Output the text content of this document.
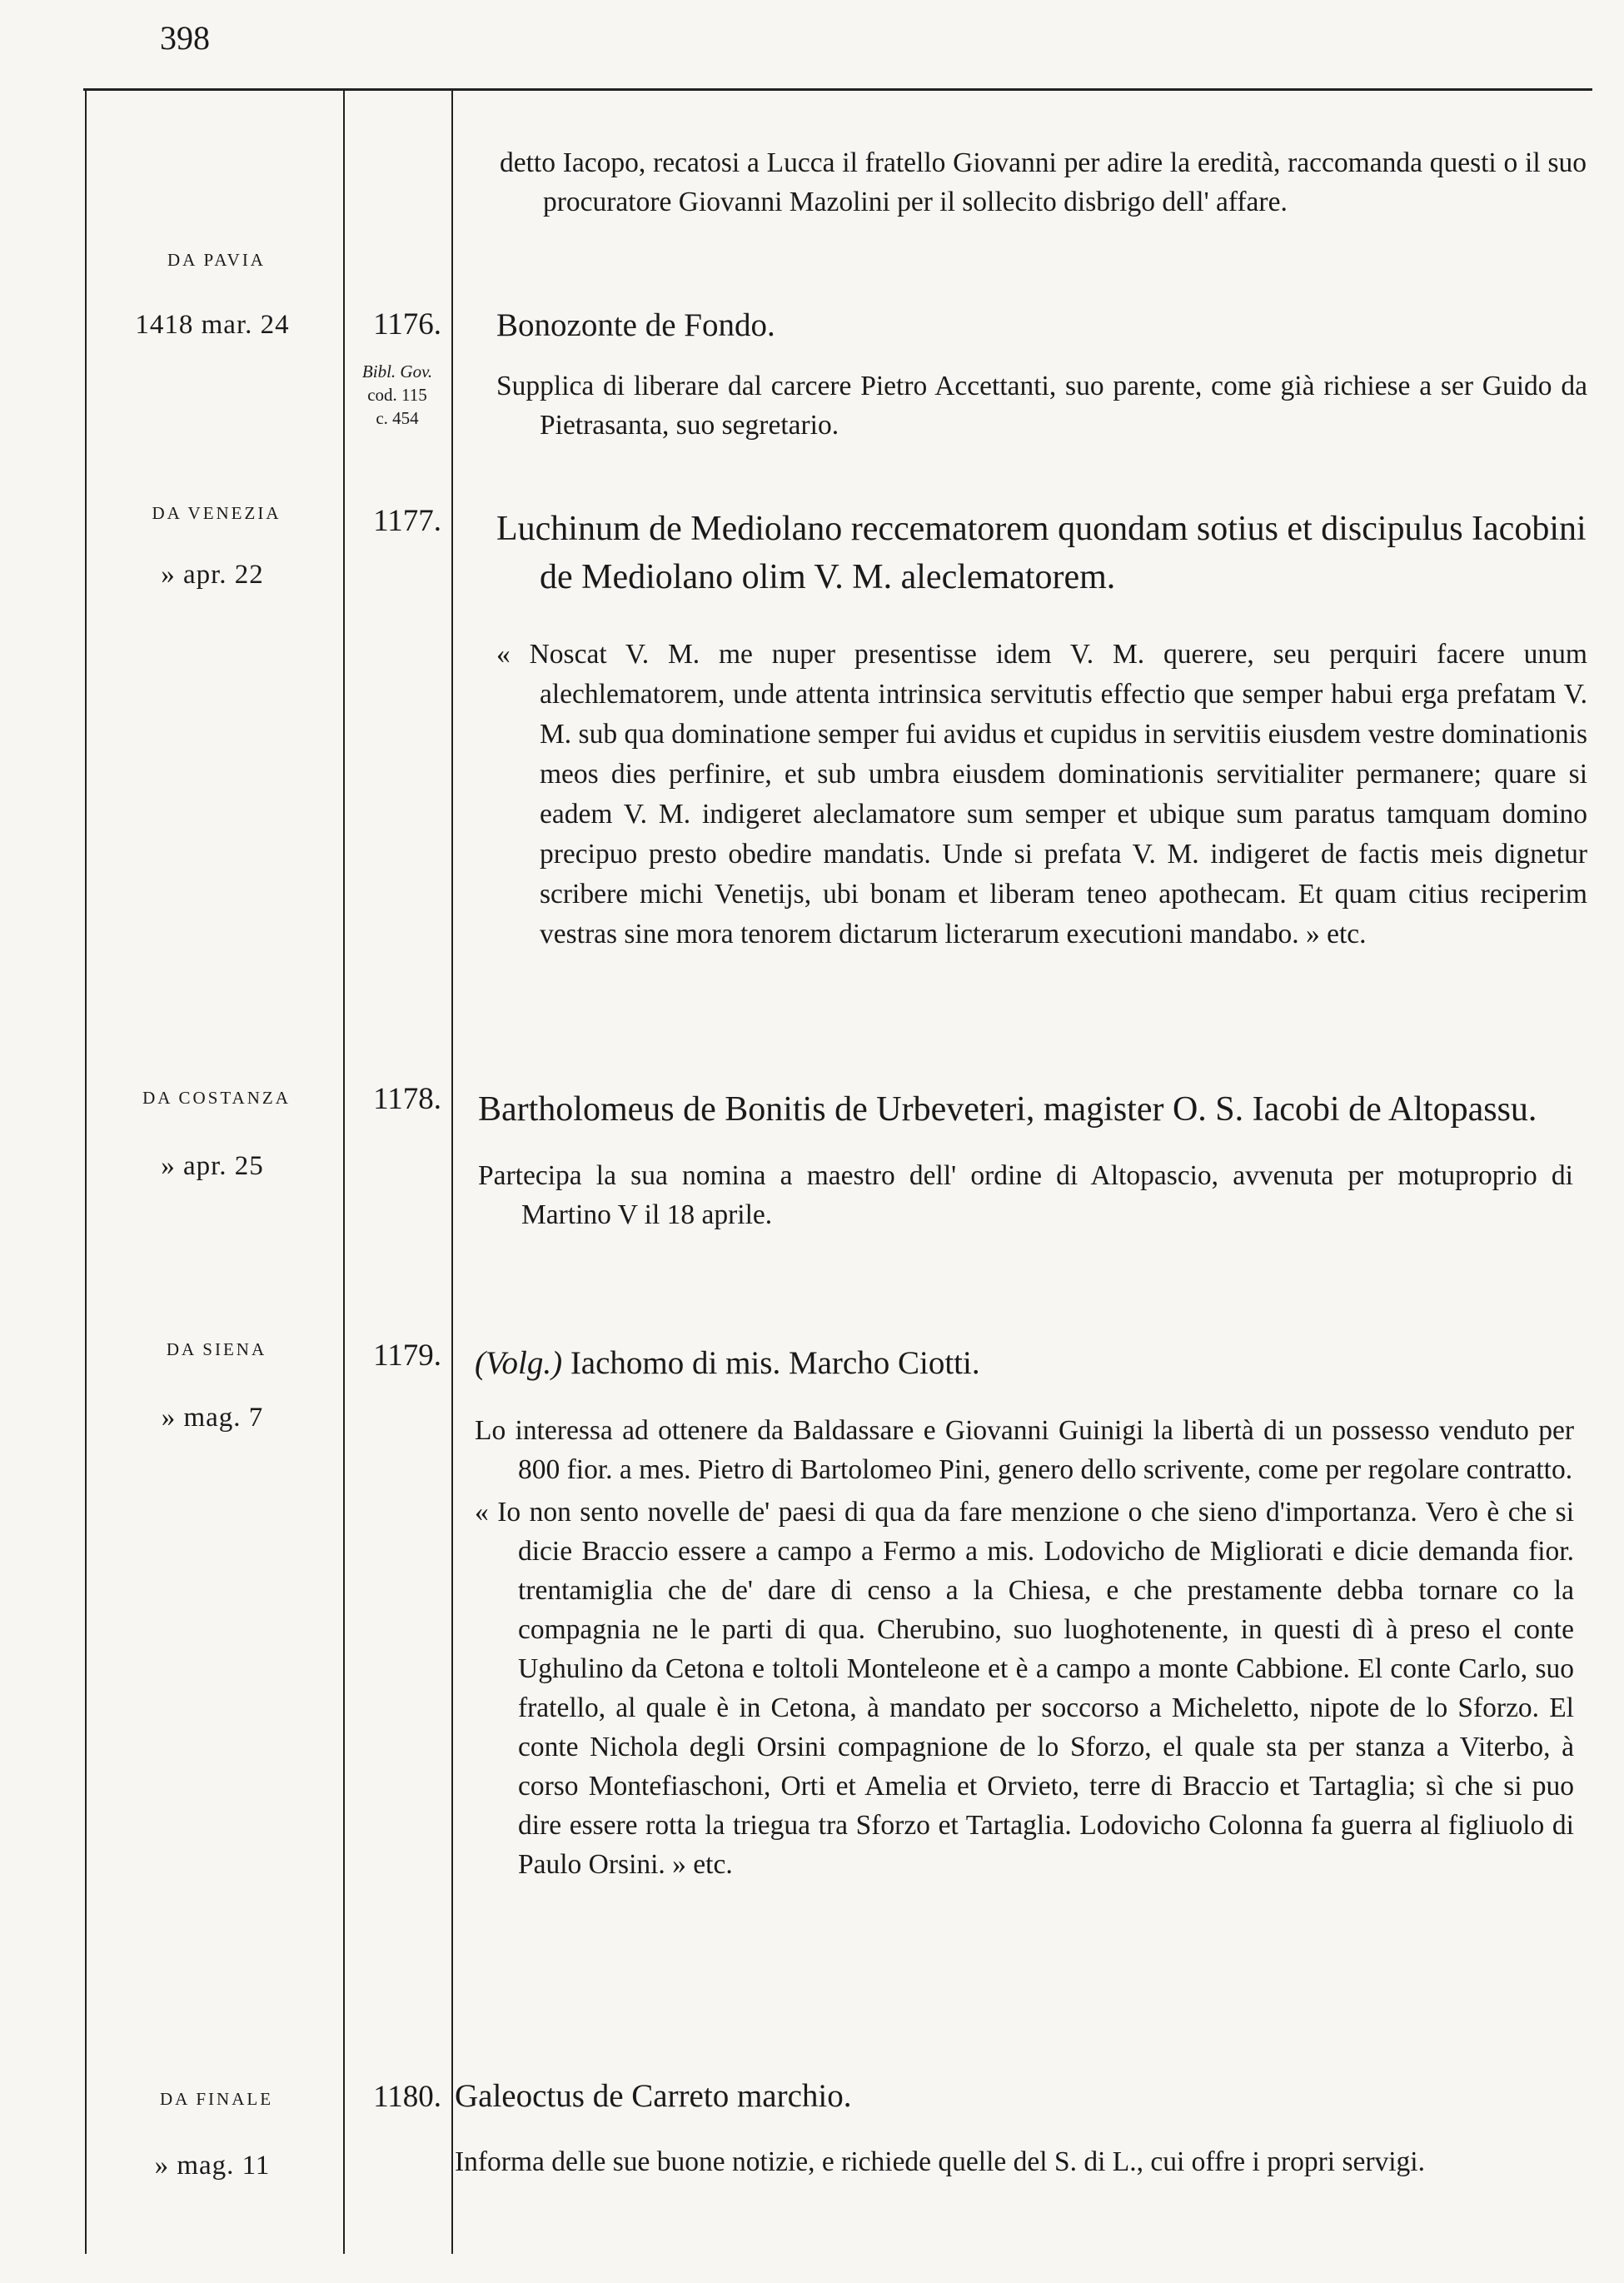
398

detto Iacopo, recatosi a Lucca il fratello Giovanni per adire la eredità, raccomanda questi o il suo procuratore Giovanni Mazolini per il sollecito disbrigo dell' affare.

DA PAVIA
1418 mar. 24	1176.
Bibl. Gov.
cod. 115
c. 454
Bonozonte de Fondo.

Supplica di liberare dal carcere Pietro Accettanti, suo parente, come già richiese a ser Guido da Pietrasanta, suo segretario.

DA VENEZIA
» apr. 22
1177. Luchinum de Mediolano reccematorem quondam sotius et discipulus Iacobini de Mediolano olim V. M. aleclematorem.

« Noscat V. M. me nuper presentisse idem V. M. querere, seu perquiri facere unum alechlematorem, unde attenta intrinsica servitutis effectio que semper habui erga prefatam V. M. sub qua dominatione semper fui avidus et cupidus in servitiis eiusdem vestre dominationis meos dies perfinire, et sub umbra eiusdem dominationis servitialiter permanere; quare si eadem V. M. indigeret aleclamatore sum semper et ubique sum paratus tamquam domino precipuo presto obedire mandatis. Unde si prefata V. M. indigeret de factis meis dignetur scribere michi Venetijs, ubi bonam et liberam teneo apothecam. Et quam citius reciperim vestras sine mora tenorem dictarum licterarum executioni mandabo. » etc.

DA COSTANZA
» apr. 25
1178. Bartholomeus de Bonitis de Urbeveteri, magister O. S. Iacobi de Altopassu.

Partecipa la sua nomina a maestro dell' ordine di Altopascio, avvenuta per motuproprio di Martino V il 18 aprile.

DA SIENA
» mag. 7
1179. (Volg.) Iachomo di mis. Marcho Ciotti.

Lo interessa ad ottenere da Baldassare e Giovanni Guinigi la libertà di un possesso venduto per 800 fior. a mes. Pietro di Bartolomeo Pini, genero dello scrivente, come per regolare contratto.

« Io non sento novelle de' paesi di qua da fare menzione o che sieno d'importanza. Vero è che si dicie Braccio essere a campo a Fermo a mis. Lodovicho de Migliorati e dicie demanda fior. trentamiglia che de' dare di censo a la Chiesa, e che prestamente debba tornare co la compagnia ne le parti di qua. Cherubino, suo luoghotenente, in questi dì à preso el conte Ughulino da Cetona e toltoli Monteleone et è a campo a monte Cabbione. El conte Carlo, suo fratello, al quale è in Cetona, à mandato per soccorso a Micheletto, nipote de lo Sforzo. El conte Nichola degli Orsini compagnione de lo Sforzo, el quale sta per stanza a Viterbo, à corso Montefiaschoni, Orti et Amelia et Orvieto, terre di Braccio et Tartaglia; sì che si puo dire essere rotta la triegua tra Sforzo et Tartaglia. Lodovicho Colonna fa guerra al figliuolo di Paulo Orsini. » etc.

DA FINALE
» mag. 11
1180. Galeoctus de Carreto marchio.

Informa delle sue buone notizie, e richiede quelle del S. di L., cui offre i propri servigi.
